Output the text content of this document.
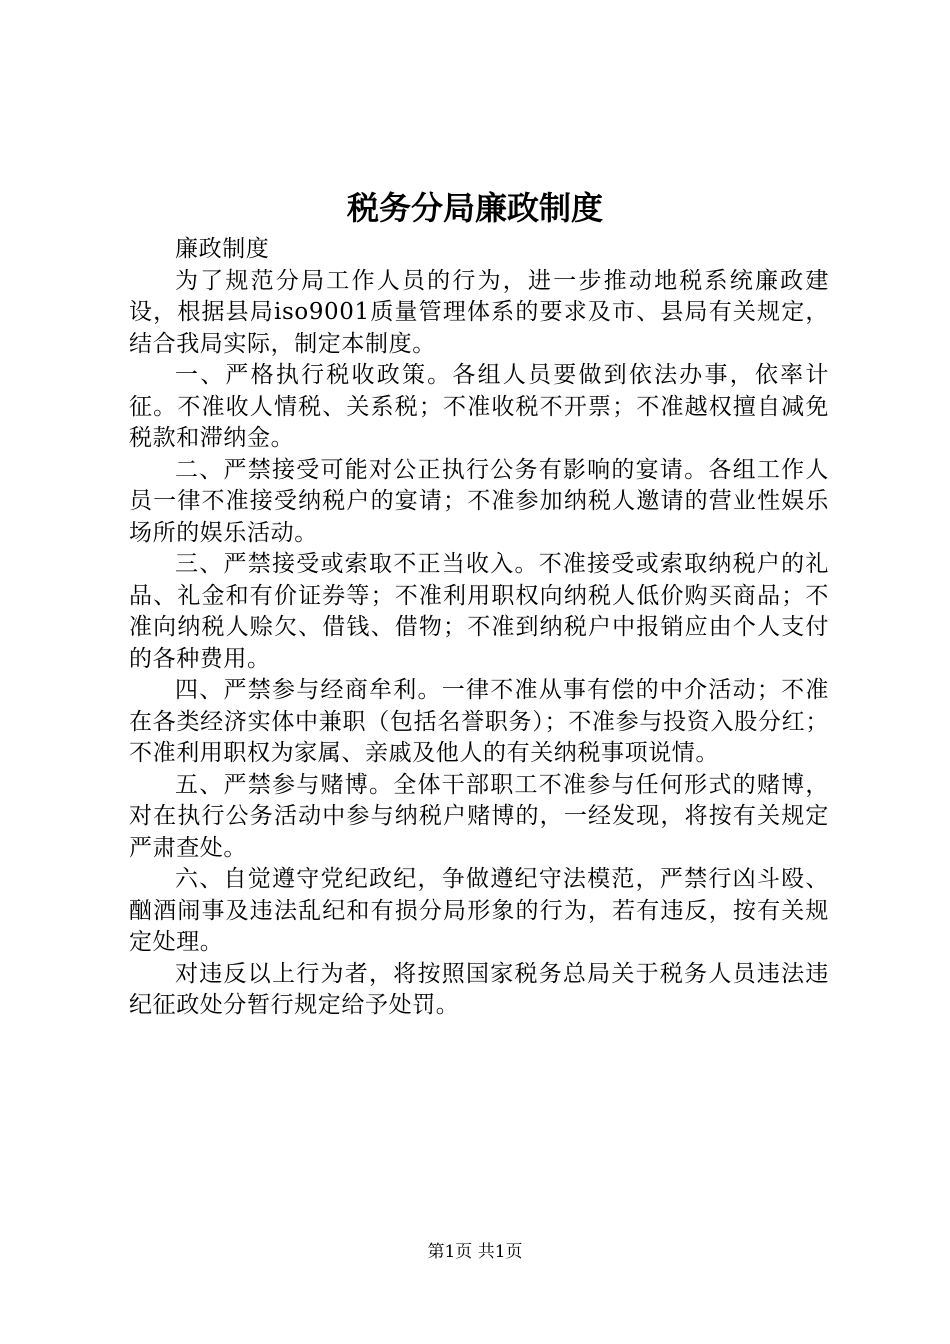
税务分局廉政制度

廉政制度

为了规范分局工作人员的行为，进一步推动地税系统廉政建设，根据县局iso9001质量管理体系的要求及市、县局有关规定，结合我局实际，制定本制度。

一、严格执行税收政策。各组人员要做到依法办事，依率计征。不准收人情税、关系税；不准收税不开票；不准越权擅自减免税款和滞纳金。

二、严禁接受可能对公正执行公务有影响的宴请。各组工作人员一律不准接受纳税户的宴请；不准参加纳税人邀请的营业性娱乐场所的娱乐活动。

三、严禁接受或索取不正当收入。不准接受或索取纳税户的礼品、礼金和有价证券等；不准利用职权向纳税人低价购买商品；不准向纳税人赊欠、借钱、借物；不准到纳税户中报销应由个人支付的各种费用。

四、严禁参与经商牟利。一律不准从事有偿的中介活动；不准在各类经济实体中兼职（包括名誉职务）；不准参与投资入股分红；不准利用职权为家属、亲戚及他人的有关纳税事项说情。

五、严禁参与赌博。全体干部职工不准参与任何形式的赌博，对在执行公务活动中参与纳税户赌博的，一经发现，将按有关规定严肃查处。

六、自觉遵守党纪政纪，争做遵纪守法模范，严禁行凶斗殴、酗酒闹事及违法乱纪和有损分局形象的行为，若有违反，按有关规定处理。

对违反以上行为者，将按照国家税务总局关于税务人员违法违纪征政处分暂行规定给予处罚。

第1页 共1页
